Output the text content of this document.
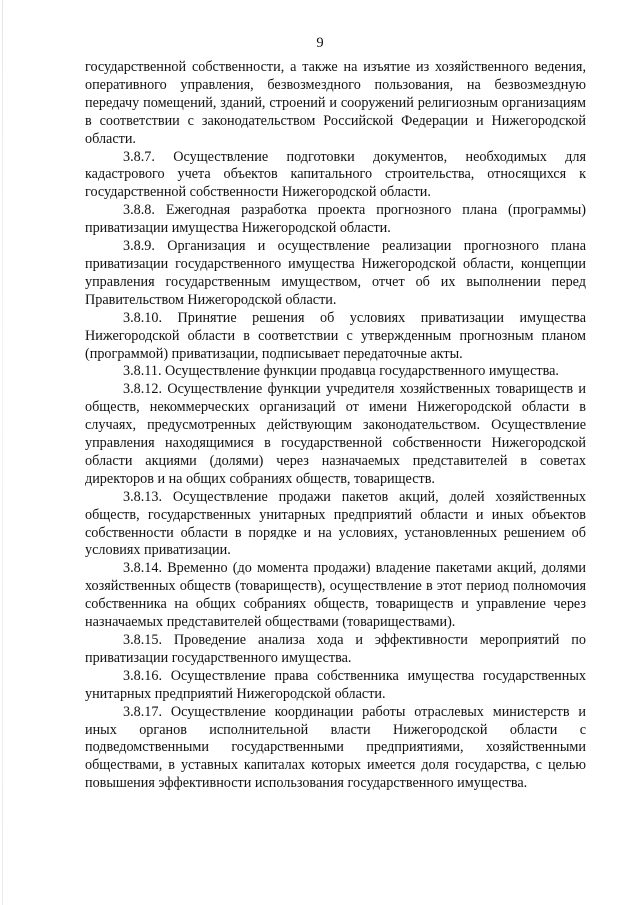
9

государственной собственности, а также на изъятие из хозяйственного ведения, оперативного управления, безвозмездного пользования, на безвозмездную передачу помещений, зданий, строений и сооружений религиозным организациям в соответствии с законодательством Российской Федерации и Нижегородской области.

3.8.7. Осуществление подготовки документов, необходимых для кадастрового учета объектов капитального строительства, относящихся к государственной собственности Нижегородской области.

3.8.8. Ежегодная разработка проекта прогнозного плана (программы) приватизации имущества Нижегородской области.

3.8.9. Организация и осуществление реализации прогнозного плана приватизации государственного имущества Нижегородской области, концепции управления государственным имуществом, отчет об их выполнении перед Правительством Нижегородской области.

3.8.10. Принятие решения об условиях приватизации имущества Нижегородской области в соответствии с утвержденным прогнозным планом (программой) приватизации, подписывает передаточные акты.

3.8.11. Осуществление функции продавца государственного имущества.

3.8.12. Осуществление функции учредителя хозяйственных товариществ и обществ, некоммерческих организаций от имени Нижегородской области в случаях, предусмотренных действующим законодательством. Осуществление управления находящимися в государственной собственности Нижегородской области акциями (долями) через назначаемых представителей в советах директоров и на общих собраниях обществ, товариществ.

3.8.13. Осуществление продажи пакетов акций, долей хозяйственных обществ, государственных унитарных предприятий области и иных объектов собственности области в порядке и на условиях, установленных решением об условиях приватизации.

3.8.14. Временно (до момента продажи) владение пакетами акций, долями хозяйственных обществ (товариществ), осуществление в этот период полномочия собственника на общих собраниях обществ, товариществ и управление через назначаемых представителей обществами (товариществами).

3.8.15. Проведение анализа хода и эффективности мероприятий по приватизации государственного имущества.

3.8.16. Осуществление права собственника имущества государственных унитарных предприятий Нижегородской области.

3.8.17. Осуществление координации работы отраслевых министерств и иных органов исполнительной власти Нижегородской области с подведомственными государственными предприятиями, хозяйственными обществами, в уставных капиталах которых имеется доля государства, с целью повышения эффективности использования государственного имущества.
